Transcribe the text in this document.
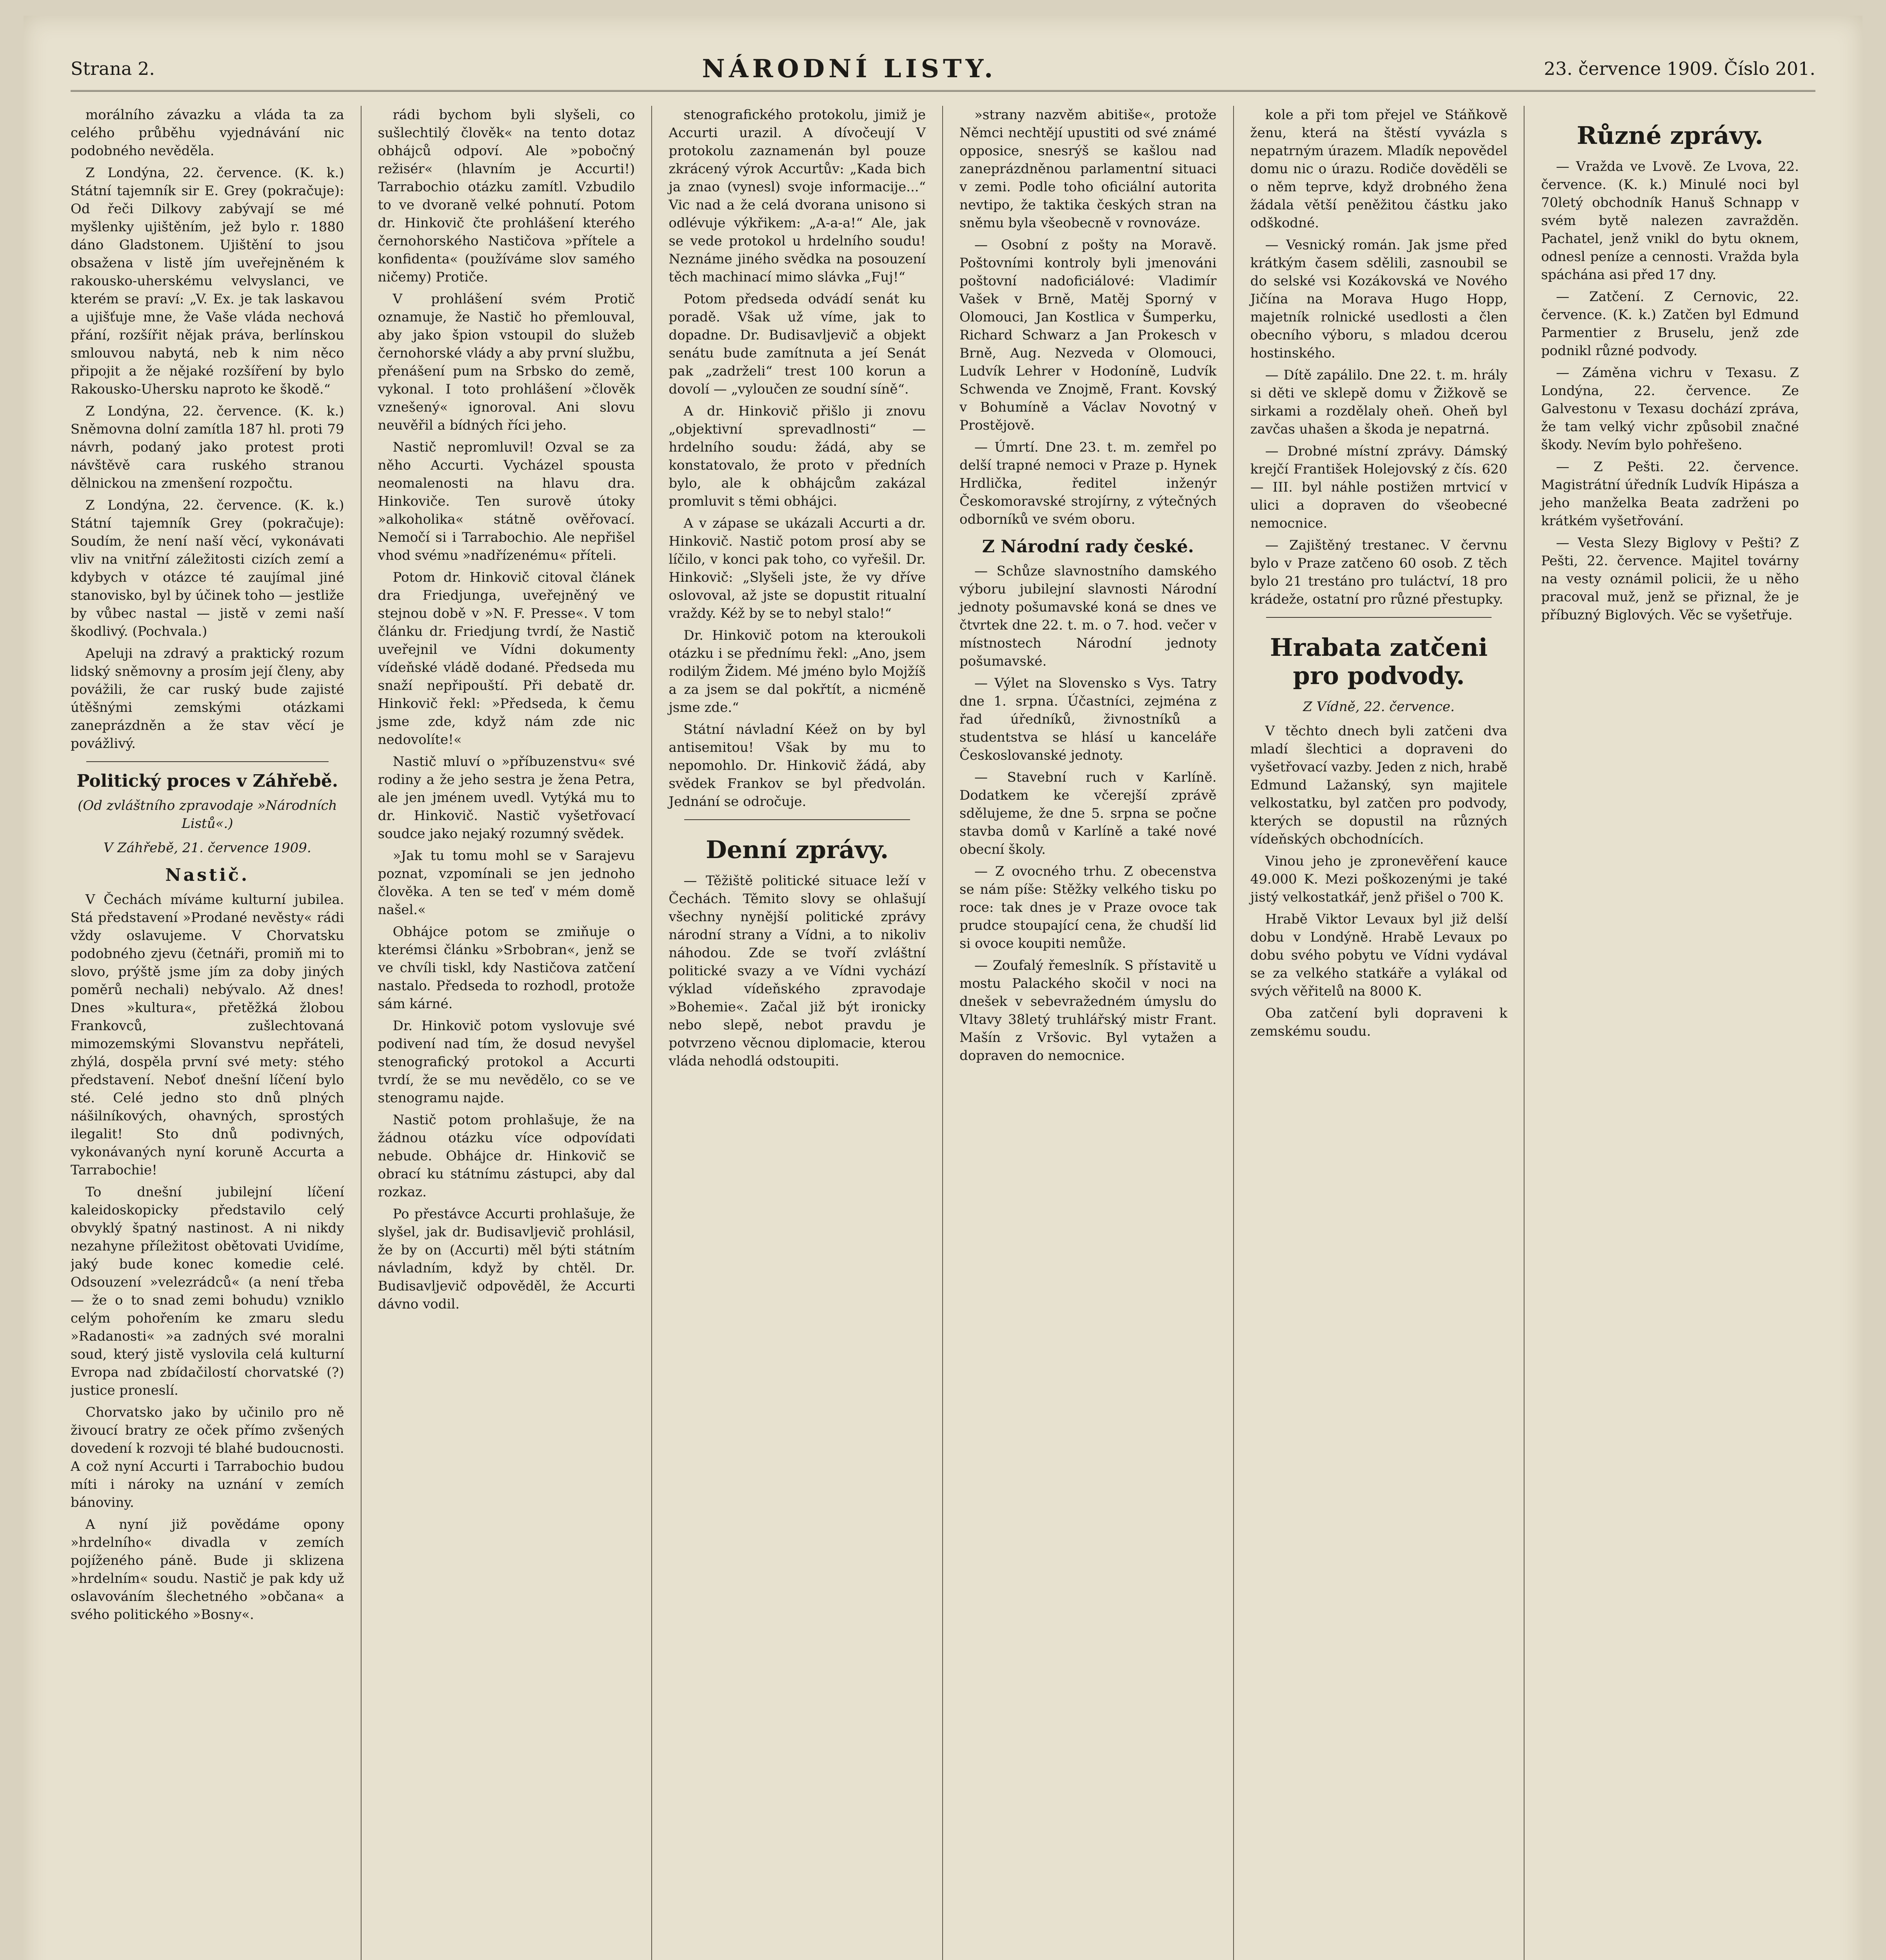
Strana 2.	NÁRODNÍ LISTY.	23. července 1909. Číslo 201.

morálního závazku a vláda ta za celého průběhu vyjednávání nic podobného nevěděla.

Z Londýna, 22. července. (K. k.) Státní tajemník sir E. Grey (pokračuje): Od řeči Dilkovy zabývají se mé myšlenky ujištěním, jež bylo r. 1880 dáno Gladstonem. Ujištění to jsou obsažena v listě jím uveřejněném k rakousko-uherskému velvyslanci, ve kterém se praví: „V. Ex. je tak laskavou a ujišťuje mne, že Vaše vláda nechová přání, rozšířit nějak práva, berlínskou smlouvou nabytá, neb k nim něco připojit a že nějaké rozšíření by bylo Rakousko-Uhersku naproto ke škodě.“

Z Londýna, 22. července. (K. k.) Sněmovna dolní zamítla 187 hl. proti 79 návrh, podaný jako protest proti návštěvě cara ruského stranou dělnickou na zmenšení rozpočtu.

Z Londýna, 22. července. (K. k.) Státní tajemník Grey (pokračuje): Soudím, že není naší věcí, vykonávati vliv na vnitřní záležitosti cizích zemí a kdybych v otázce té zaujímal jiné stanovisko, byl by účinek toho — jestliže by vůbec nastal — jistě v zemi naší škodlivý. (Pochvala.)

Apeluji na zdravý a praktický rozum lidský sněmovny a prosím její členy, aby povážili, že car ruský bude zajisté útěšnými zemskými otázkami zaneprázdněn a že stav věcí je povážlivý.

Politický proces v Záhřebě.

(Od zvláštního zpravodaje »Národních Listů«.)

V Záhřebě, 21. července 1909.

Nastič.

V Čechách míváme kulturní jubilea. Stá představení »Prodané nevěsty« rádi vždy oslavujeme. V Chorvatsku podobného zjevu (četnáři, promiň mi to slovo, prýště jsme jím za doby jiných poměrů nechali) nebývalo. Až dnes! Dnes »kultura«, přetěžká žlobou Frankovců, zušlechtovaná mimozemskými Slovanstvu nepřáteli, zhýlá, dospěla první své mety: stého představení. Neboť dnešní líčení bylo sté. Celé jedno sto dnů plných nášilníkových, ohavných, sprostých ilegalit! Sto dnů podivných, vykonávaných nyní koruně Accurta a Tarrabochie!

To dnešní jubilejní líčení kaleidoskopicky představilo celý obvyklý špatný nastinost. A ni nikdy nezahyne příležitost obětovati Uvidíme, jaký bude konec komedie celé. Odsouzení »velezrádců« (a není třeba — že o to snad zemi bohudu) vzniklo celým pohořením ke zmaru sledu »Radanosti« »a zadných své moralni soud, který jistě vyslovila celá kulturní Evropa nad zbídačilostí chorvatské (?) justice proneslí.

Chorvatsko jako by učinilo pro ně živoucí bratry ze oček přímo zvšených dovedení k rozvoji té blahé budoucnosti. A což nyní Accurti i Tarrabochio budou míti i nároky na uznání v zemích bánoviny.

A nyní již povědáme opony »hrdelního« divadla v zemích pojíženého páně. Bude ji sklizena »hrdelním« soudu. Nastič je pak kdy už oslavováním šlechetného »občana« a svého politického »Bosny«.

rádi bychom byli slyšeli, co sušlechtilý člověk« na tento dotaz obhájců odpoví. Ale »pobočný režisér« (hlavním je Accurti!) Tarrabochio otázku zamítl. Vzbudilo to ve dvoraně velké pohnutí. Potom dr. Hinkovič čte prohlášení kterého černohorského Nastičova »přítele a konfidenta« (používáme slov samého ničemy) Protiče.

V prohlášení svém Protič oznamuje, že Nastič ho přemlouval, aby jako špion vstoupil do služeb černohorské vlády a aby první službu, přenášení pum na Srbsko do země, vykonal. I toto prohlášení »člověk vznešený« ignoroval. Ani slovu neuvěřil a bídných říci jeho.

Nastič nepromluvil! Ozval se za něho Accurti. Vycházel spousta neomalenosti na hlavu dra. Hinkoviče. Ten surově útoky »alkoholika« státně ověřovací. Nemočí si i Tarrabochio. Ale nepřišel vhod svému »nadřízenému« příteli.

Potom dr. Hinkovič citoval článek dra Friedjunga, uveřejněný ve stejnou době v »N. F. Presse«. V tom článku dr. Friedjung tvrdí, že Nastič uveřejnil ve Vídni dokumenty vídeňské vládě dodané. Předseda mu snaží nepřipouští. Při debatě dr. Hinkovič řekl: »Předseda, k čemu jsme zde, když nám zde nic nedovolíte!«

Nastič mluví o »příbuzenstvu« své rodiny a že jeho sestra je žena Petra, ale jen jménem uvedl. Vytýká mu to dr. Hinkovič. Nastič vyšetřovací soudce jako nejaký rozumný svědek.

»Jak tu tomu mohl se v Sarajevu poznat, vzpomínali se jen jednoho člověka. A ten se teď v mém domě našel.«

Obhájce potom se zmiňuje o kterémsi článku »Srbobran«, jenž se ve chvíli tiskl, kdy Nastičova zatčení nastalo. Předseda to rozhodl, protože sám kárné.

Dr. Hinkovič potom vyslovuje své podivení nad tím, že dosud nevyšel stenografický protokol a Accurti tvrdí, že se mu nevědělo, co se ve stenogramu najde.

Nastič potom prohlašuje, že na žádnou otázku více odpovídati nebude. Obhájce dr. Hinkovič se obrací ku státnímu zástupci, aby dal rozkaz.

Po přestávce Accurti prohlašuje, že slyšel, jak dr. Budisavljevič prohlásil, že by on (Accurti) měl býti státním návladním, když by chtěl. Dr. Budisavljevič odpověděl, že Accurti dávno vodil.

stenografického protokolu, jimiž je Accurti urazil. A dívočeují V protokolu zaznamenán byl pouze zkrácený výrok Accurtův: „Kada bich ja znao (vynesl) svoje informacije...“ Vic nad a že celá dvorana unisono si odlévuje výkřikem: „A-a-a!“ Ale, jak se vede protokol u hrdelního soudu! Neznáme jiného svědka na posouzení těch machinací mimo slávka „Fuj!“

Potom předseda odvádí senát ku poradě. Však už víme, jak to dopadne. Dr. Budisavljevič a objekt senátu bude zamítnuta a jeí Senát pak „zadrželi“ trest 100 korun a dovolí — „vyloučen ze soudní síně“.

A dr. Hinkovič přišlo ji znovu „objektivní sprevadlnosti“ — hrdelního soudu: žádá, aby se konstatovalo, že proto v předních bylo, ale k obhájcům zakázal promluvit s těmi obhájci.

A v zápase se ukázali Accurti a dr. Hinkovič. Nastič potom prosí aby se líčilo, v konci pak toho, co vyřešil. Dr. Hinkovič: „Slyšeli jste, že vy dříve oslovoval, až jste se dopustit ritualní vraždy. Kéž by se to nebyl stalo!“

Dr. Hinkovič potom na kteroukoli otázku i se přednímu řekl: „Ano, jsem rodilým Židem. Mé jméno bylo Mojžíš a za jsem se dal pokřtít, a nicméně jsme zde.“

Státní návladní Kéež on by byl antisemitou! Však by mu to nepomohlo. Dr. Hinkovič žádá, aby svědek Frankov se byl předvolán. Jednání se odročuje.

Denní zprávy.

— Těžiště politické situace leží v Čechách. Těmito slovy se ohlašují všechny nynější politické zprávy národní strany a Vídni, a to nikoliv náhodou. Zde se tvoří zvláštní politické svazy a ve Vídni vychází výklad vídeňského zpravodaje »Bohemie«. Začal již být ironicky nebo slepě, nebot pravdu je potvrzeno věcnou diplomacie, kterou vláda nehodlá odstoupiti.

»strany nazvěm abitiše«, protože Němci nechtějí upustiti od své známé opposice, snesrýš se kašlou nad zaneprázdněnou parlamentní situaci v zemi. Podle toho oficiální autorita nevtipo, že taktika českých stran na sněmu byla všeobecně v rovnováze.

— Osobní z pošty na Moravě. Poštovními kontroly byli jmenováni poštovní nadoficiálové: Vladimír Vašek v Brně, Matěj Sporný v Olomouci, Jan Kostlica v Šumperku, Richard Schwarz a Jan Prokesch v Brně, Aug. Nezveda v Olomouci, Ludvík Lehrer v Hodoníně, Ludvík Schwenda ve Znojmě, Frant. Kovský v Bohumíně a Václav Novotný v Prostějově.

— Úmrtí. Dne 23. t. m. zemřel po delší trapné nemoci v Praze p. Hynek Hrdlička, ředitel inženýr Českomoravské strojírny, z výtečných odborníků ve svém oboru.

Z Národní rady české.

— Schůze slavnostního damského výboru jubilejní slavnosti Národní jednoty pošumavské koná se dnes ve čtvrtek dne 22. t. m. o 7. hod. večer v místnostech Národní jednoty pošumavské.

— Výlet na Slovensko s Vys. Tatry dne 1. srpna. Účastníci, zejména z řad úředníků, živnostníků a studentstva se hlásí u kanceláře Českoslovanské jednoty.

— Stavební ruch v Karlíně. Dodatkem ke včerejší zprávě sdělujeme, že dne 5. srpna se počne stavba domů v Karlíně a také nové obecní školy.

— Z ovocného trhu. Z obecenstva se nám píše: Stěžky velkého tisku po roce: tak dnes je v Praze ovoce tak prudce stoupající cena, že chudší lid si ovoce koupiti nemůže.

— Zoufalý řemeslník. S přístavitě u mostu Palackého skočil v noci na dnešek v sebevražedném úmyslu do Vltavy 38letý truhlářský mistr Frant. Mašín z Vršovic. Byl vytažen a dopraven do nemocnice.

kole a při tom přejel ve Stáňkově ženu, která na štěstí vyvázla s nepatrným úrazem. Mladík nepovědel domu nic o úrazu. Rodiče dověděli se o něm teprve, když drobného žena žádala větší peněžitou částku jako odškodné.

— Vesnický román. Jak jsme před krátkým časem sdělili, zasnoubil se do selské vsi Kozákovská ve Nového Jičína na Morava Hugo Hopp, majetník rolnické usedlosti a člen obecního výboru, s mladou dcerou hostinského.

— Dítě zapálilo. Dne 22. t. m. hrály si děti ve sklepě domu v Žižkově se sirkami a rozdělaly oheň. Oheň byl zavčas uhašen a škoda je nepatrná.

— Drobné místní zprávy. Dámský krejčí František Holejovský z čís. 620 — III. byl náhle postižen mrtvicí v ulici a dopraven do všeobecné nemocnice.

— Zajištěný trestanec. V červnu bylo v Praze zatčeno 60 osob. Z těch bylo 21 trestáno pro tuláctví, 18 pro krádeže, ostatní pro různé přestupky.

Hrabata zatčeni pro podvody.

Z Vídně, 22. července.

V těchto dnech byli zatčeni dva mladí šlechtici a dopraveni do vyšetřovací vazby. Jeden z nich, hrabě Edmund Lažanský, syn majitele velkostatku, byl zatčen pro podvody, kterých se dopustil na různých vídeňských obchodnících.

Vinou jeho je zpronevěření kauce 49.000 K. Mezi poškozenými je také jistý velkostatkář, jenž přišel o 700 K.

Hrabě Viktor Levaux byl již delší dobu v Londýně. Hrabě Levaux po dobu svého pobytu ve Vídni vydával se za velkého statkáře a vylákal od svých věřitelů na 8000 K.

Oba zatčení byli dopraveni k zemskému soudu.

Různé zprávy.

— Vražda ve Lvově. Ze Lvova, 22. července. (K. k.) Minulé noci byl 70letý obchodník Hanuš Schnapp v svém bytě nalezen zavražděn. Pachatel, jenž vnikl do bytu oknem, odnesl peníze a cennosti. Vražda byla spáchána asi před 17 dny.

— Zatčení. Z Cernovic, 22. července. (K. k.) Zatčen byl Edmund Parmentier z Bruselu, jenž zde podnikl různé podvody.

— Záměna vichru v Texasu. Z Londýna, 22. července. Ze Galvestonu v Texasu dochází zpráva, že tam velký vichr způsobil značné škody. Nevím bylo pohřešeno.

— Z Pešti. 22. července. Magistrátní úředník Ludvík Hipásza a jeho manželka Beata zadrženi po krátkém vyšetřování.

— Vesta Slezy Biglovy v Pešti? Z Pešti, 22. července. Majitel továrny na vesty oznámil policii, že u něho pracoval muž, jenž se přiznal, že je příbuzný Biglových. Věc se vyšetřuje.
